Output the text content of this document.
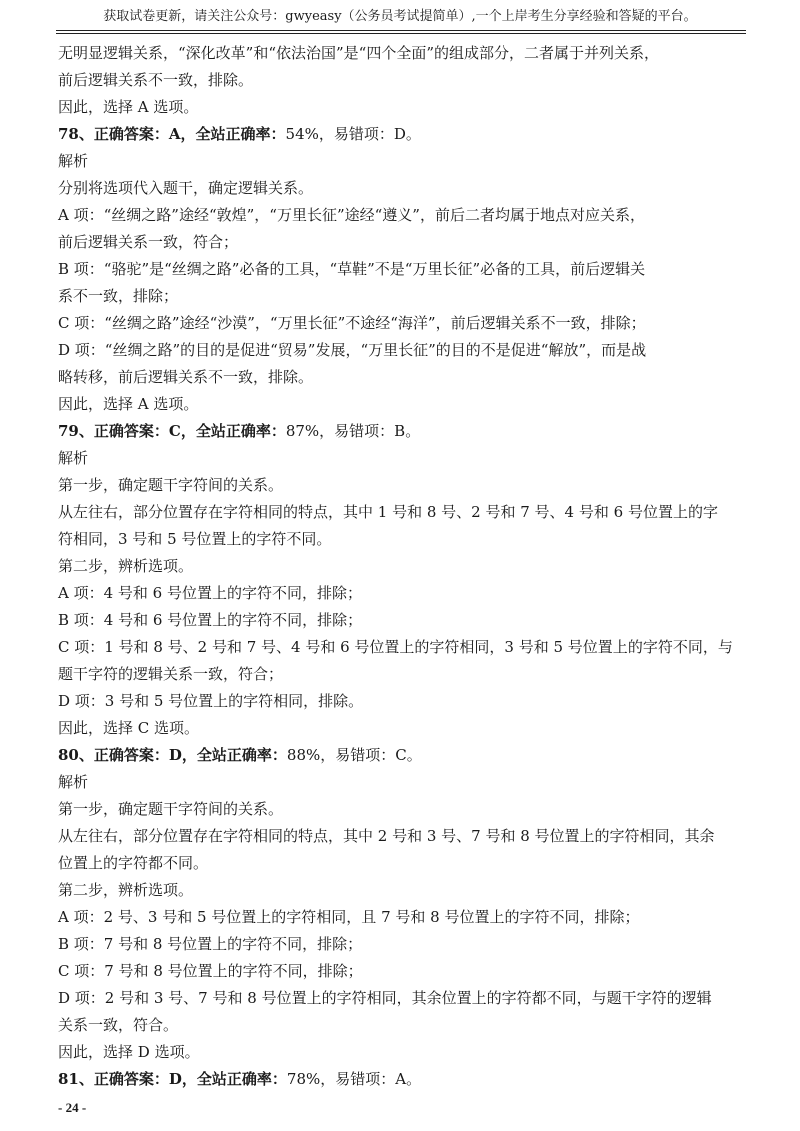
获取试卷更新，请关注公众号：gwyeasy（公务员考试提简单）,一个上岸考生分享经验和答疑的平台。
无明显逻辑关系，“深化改革”和“依法治国”是“四个全面”的组成部分，二者属于并列关系，
前后逻辑关系不一致，排除。
因此，选择 A 选项。
78、正确答案：A，全站正确率：54%，易错项：D。
解析
分别将选项代入题干，确定逻辑关系。
A 项：“丝绸之路”途经“敦煌”，“万里长征”途经“遵义”，前后二者均属于地点对应关系，
前后逻辑关系一致，符合；
B 项：“骆驼”是“丝绸之路”必备的工具，“草鞋”不是“万里长征”必备的工具，前后逻辑关
系不一致，排除；
C 项：“丝绸之路”途经“沙漠”，“万里长征”不途经“海洋”，前后逻辑关系不一致，排除；
D 项：“丝绸之路”的目的是促进“贸易”发展，“万里长征”的目的不是促进“解放”，而是战
略转移，前后逻辑关系不一致，排除。
因此，选择 A 选项。
79、正确答案：C，全站正确率：87%，易错项：B。
解析
第一步，确定题干字符间的关系。
从左往右，部分位置存在字符相同的特点，其中 1 号和 8 号、2 号和 7 号、4 号和 6 号位置上的字
符相同，3 号和 5 号位置上的字符不同。
第二步，辨析选项。
A 项：4 号和 6 号位置上的字符不同，排除；
B 项：4 号和 6 号位置上的字符不同，排除；
C 项：1 号和 8 号、2 号和 7 号、4 号和 6 号位置上的字符相同，3 号和 5 号位置上的字符不同，与
题干字符的逻辑关系一致，符合；
D 项：3 号和 5 号位置上的字符相同，排除。
因此，选择 C 选项。
80、正确答案：D，全站正确率：88%，易错项：C。
解析
第一步，确定题干字符间的关系。
从左往右，部分位置存在字符相同的特点，其中 2 号和 3 号、7 号和 8 号位置上的字符相同，其余
位置上的字符都不同。
第二步，辨析选项。
A 项：2 号、3 号和 5 号位置上的字符相同，且 7 号和 8 号位置上的字符不同，排除；
B 项：7 号和 8 号位置上的字符不同，排除；
C 项：7 号和 8 号位置上的字符不同，排除；
D 项：2 号和 3 号、7 号和 8 号位置上的字符相同，其余位置上的字符都不同，与题干字符的逻辑
关系一致，符合。
因此，选择 D 选项。
81、正确答案：D，全站正确率：78%，易错项：A。
- 24 -
